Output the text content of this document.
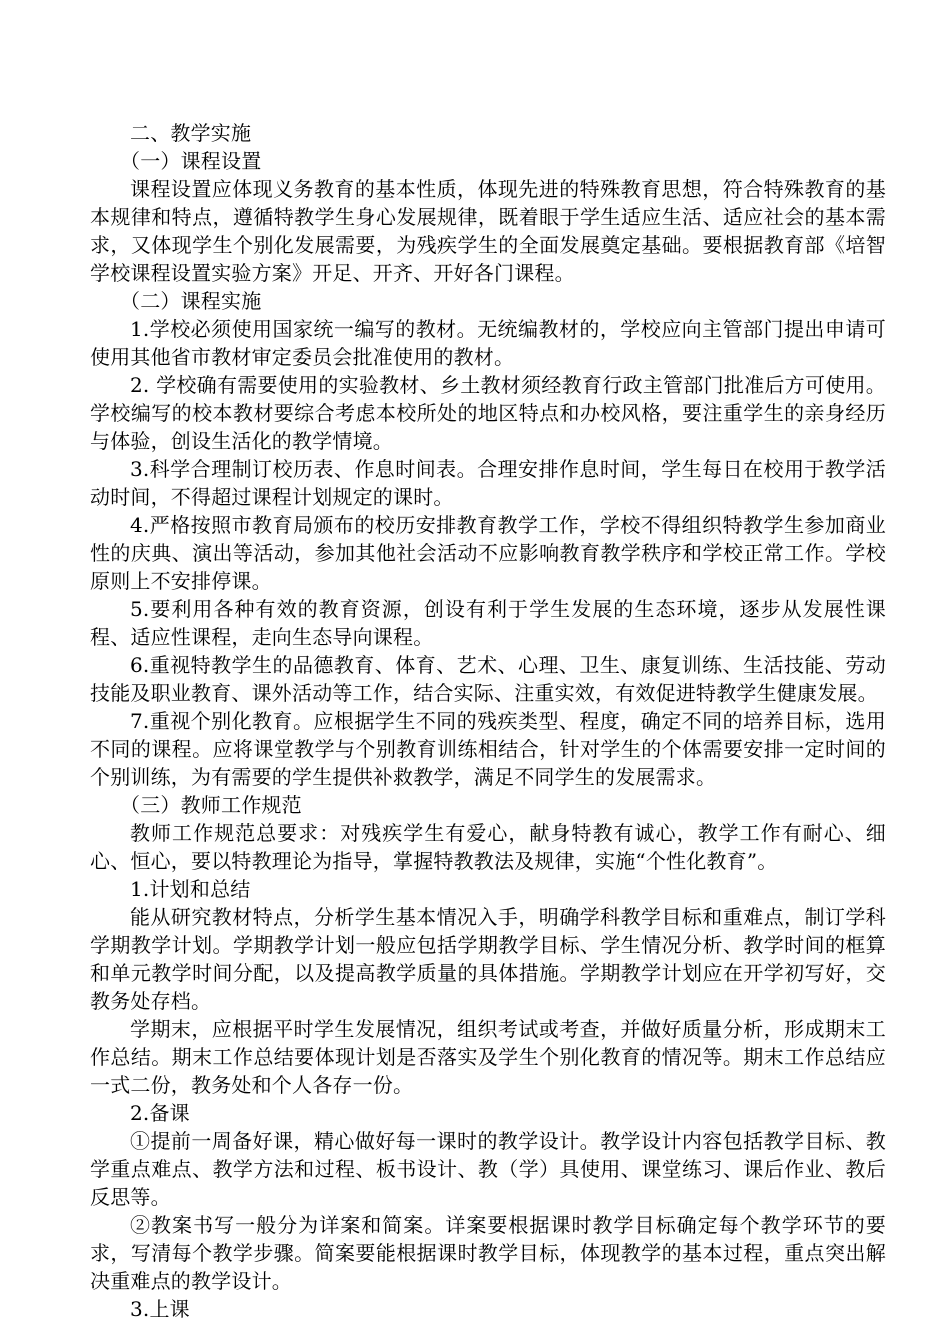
二、教学实施

（一）课程设置

课程设置应体现义务教育的基本性质，体现先进的特殊教育思想，符合特殊教育的基本规律和特点，遵循特教学生身心发展规律，既着眼于学生适应生活、适应社会的基本需求，又体现学生个别化发展需要，为残疾学生的全面发展奠定基础。要根据教育部《培智学校课程设置实验方案》开足、开齐、开好各门课程。

（二）课程实施

1.学校必须使用国家统一编写的教材。无统编教材的，学校应向主管部门提出申请可使用其他省市教材审定委员会批准使用的教材。

2. 学校确有需要使用的实验教材、乡土教材须经教育行政主管部门批准后方可使用。学校编写的校本教材要综合考虑本校所处的地区特点和办校风格，要注重学生的亲身经历与体验，创设生活化的教学情境。

3.科学合理制订校历表、作息时间表。合理安排作息时间，学生每日在校用于教学活动时间，不得超过课程计划规定的课时。

4.严格按照市教育局颁布的校历安排教育教学工作，学校不得组织特教学生参加商业性的庆典、演出等活动，参加其他社会活动不应影响教育教学秩序和学校正常工作。学校原则上不安排停课。

5.要利用各种有效的教育资源，创设有利于学生发展的生态环境，逐步从发展性课程、适应性课程，走向生态导向课程。

6.重视特教学生的品德教育、体育、艺术、心理、卫生、康复训练、生活技能、劳动技能及职业教育、课外活动等工作，结合实际、注重实效，有效促进特教学生健康发展。

7.重视个别化教育。应根据学生不同的残疾类型、程度，确定不同的培养目标，选用不同的课程。应将课堂教学与个别教育训练相结合，针对学生的个体需要安排一定时间的个别训练，为有需要的学生提供补救教学，满足不同学生的发展需求。

（三）教师工作规范

教师工作规范总要求：对残疾学生有爱心，献身特教有诚心，教学工作有耐心、细心、恒心，要以特教理论为指导，掌握特教教法及规律，实施“个性化教育”。

1.计划和总结

能从研究教材特点，分析学生基本情况入手，明确学科教学目标和重难点，制订学科学期教学计划。学期教学计划一般应包括学期教学目标、学生情况分析、教学时间的框算和单元教学时间分配，以及提高教学质量的具体措施。学期教学计划应在开学初写好，交教务处存档。

学期末，应根据平时学生发展情况，组织考试或考查，并做好质量分析，形成期末工作总结。期末工作总结要体现计划是否落实及学生个别化教育的情况等。期末工作总结应一式二份，教务处和个人各存一份。

2.备课

①提前一周备好课，精心做好每一课时的教学设计。教学设计内容包括教学目标、教学重点难点、教学方法和过程、板书设计、教（学）具使用、课堂练习、课后作业、教后反思等。

②教案书写一般分为详案和简案。详案要根据课时教学目标确定每个教学环节的要求，写清每个教学步骤。简案要能根据课时教学目标，体现教学的基本过程，重点突出解决重难点的教学设计。

3.上课
